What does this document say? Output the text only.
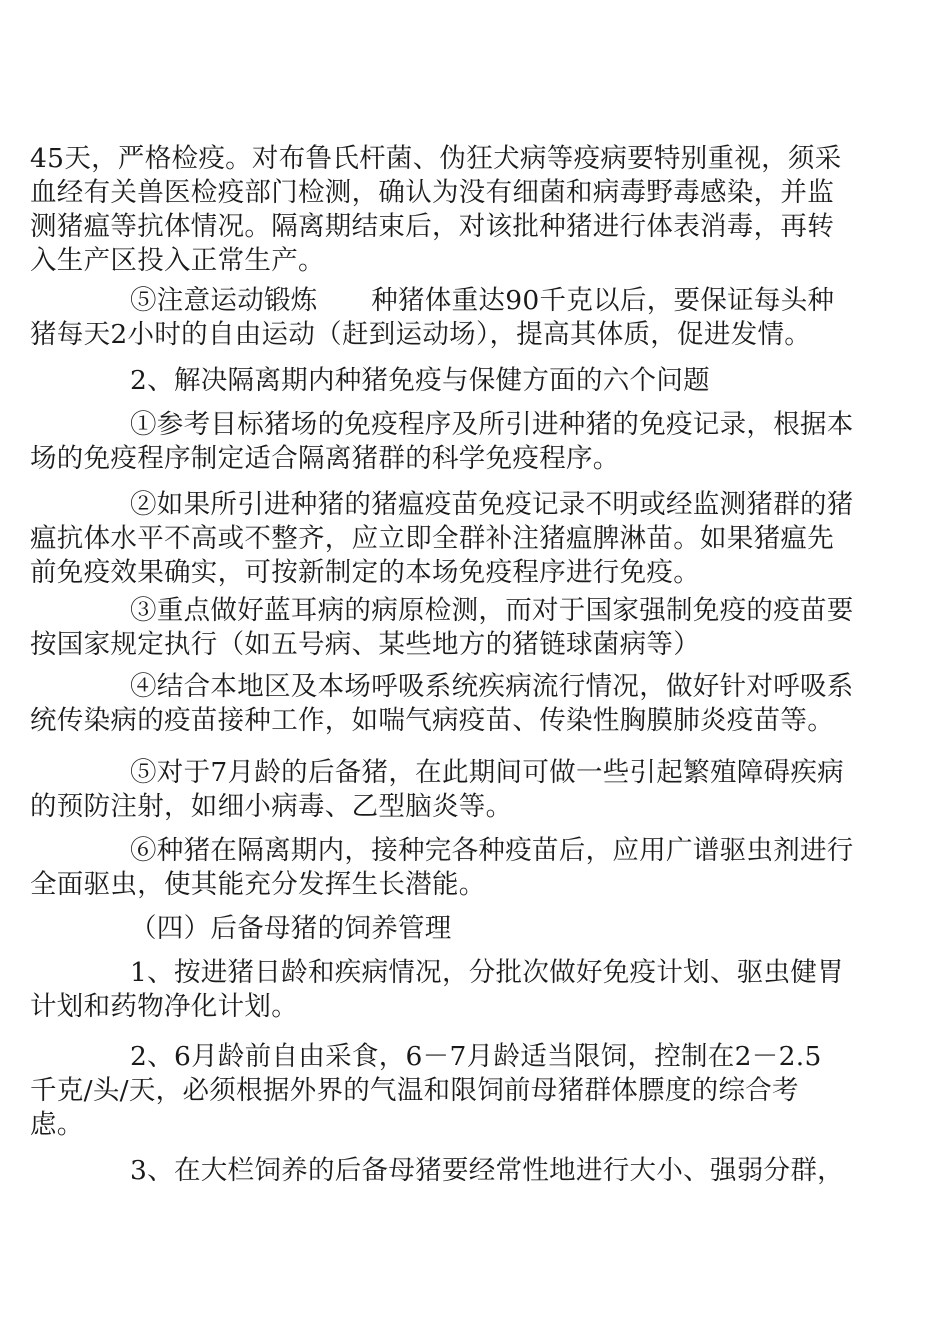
45天，严格检疫。对布鲁氏杆菌、伪狂犬病等疫病要特别重视，须采
血经有关兽医检疫部门检测，确认为没有细菌和病毒野毒感染，并监
测猪瘟等抗体情况。隔离期结束后，对该批种猪进行体表消毒，再转
入生产区投入正常生产。
⑤注意运动锻炼　　种猪体重达90千克以后，要保证每头种
猪每天2小时的自由运动（赶到运动场），提高其体质，促进发情。
2、解决隔离期内种猪免疫与保健方面的六个问题
①参考目标猪场的免疫程序及所引进种猪的免疫记录，根据本
场的免疫程序制定适合隔离猪群的科学免疫程序。
②如果所引进种猪的猪瘟疫苗免疫记录不明或经监测猪群的猪
瘟抗体水平不高或不整齐，应立即全群补注猪瘟脾淋苗。如果猪瘟先
前免疫效果确实，可按新制定的本场免疫程序进行免疫。
③重点做好蓝耳病的病原检测，而对于国家强制免疫的疫苗要
按国家规定执行（如五号病、某些地方的猪链球菌病等）
④结合本地区及本场呼吸系统疾病流行情况，做好针对呼吸系
统传染病的疫苗接种工作，如喘气病疫苗、传染性胸膜肺炎疫苗等。
⑤对于7月龄的后备猪，在此期间可做一些引起繁殖障碍疾病
的预防注射，如细小病毒、乙型脑炎等。
⑥种猪在隔离期内，接种完各种疫苗后，应用广谱驱虫剂进行
全面驱虫，使其能充分发挥生长潜能。
（四）后备母猪的饲养管理
1、按进猪日龄和疾病情况，分批次做好免疫计划、驱虫健胃
计划和药物净化计划。
2、6月龄前自由采食，6－7月龄适当限饲，控制在2－2.5
千克/头/天，必须根据外界的气温和限饲前母猪群体膘度的综合考
虑。
3、在大栏饲养的后备母猪要经常性地进行大小、强弱分群，
